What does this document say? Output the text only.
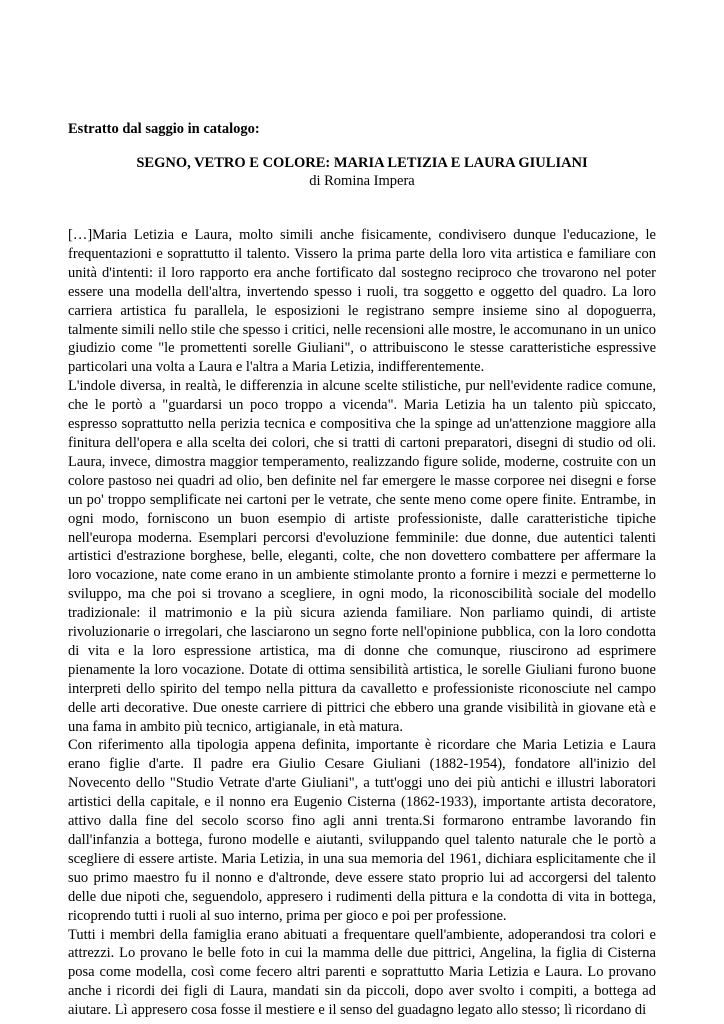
Estratto dal saggio in catalogo:

SEGNO, VETRO E COLORE: MARIA LETIZIA E LAURA GIULIANI

di Romina Impera

[…]Maria Letizia e Laura, molto simili anche fisicamente, condivisero dunque l'educazione, le frequentazioni e soprattutto il talento. Vissero la prima parte della loro vita artistica e familiare con unità d'intenti: il loro rapporto era anche fortificato dal sostegno reciproco che trovarono nel poter essere una modella dell'altra, invertendo spesso i ruoli, tra soggetto e oggetto del quadro. La loro carriera artistica fu parallela, le esposizioni le registrano sempre insieme sino al dopoguerra, talmente simili nello stile che spesso i critici, nelle recensioni alle mostre, le accomunano in un unico giudizio come "le promettenti sorelle Giuliani", o attribuiscono le stesse caratteristiche espressive particolari una volta a Laura e l'altra a Maria Letizia, indifferentemente.

L'indole diversa, in realtà, le differenzia in alcune scelte stilistiche, pur nell'evidente radice comune, che le portò a "guardarsi un poco troppo a vicenda". Maria Letizia ha un talento più spiccato, espresso soprattutto nella perizia tecnica e compositiva che la spinge ad un'attenzione maggiore alla finitura dell'opera e alla scelta dei colori, che si tratti di cartoni preparatori, disegni di studio od oli. Laura, invece, dimostra maggior temperamento, realizzando figure solide, moderne, costruite con un colore pastoso nei quadri ad olio, ben definite nel far emergere le masse corporee nei disegni e forse un po' troppo semplificate nei cartoni per le vetrate, che sente meno come opere finite. Entrambe, in ogni modo, forniscono un buon esempio di artiste professioniste, dalle caratteristiche tipiche nell'europa moderna. Esemplari percorsi d'evoluzione femminile: due donne, due autentici talenti artistici d'estrazione borghese, belle, eleganti, colte, che non dovettero combattere per affermare la loro vocazione, nate come erano in un ambiente stimolante pronto a fornire i mezzi e permetterne lo sviluppo, ma che poi si trovano a scegliere, in ogni modo, la riconoscibilità sociale del modello tradizionale: il matrimonio e la più sicura azienda familiare. Non parliamo quindi, di artiste rivoluzionarie o irregolari, che lasciarono un segno forte nell'opinione pubblica, con la loro condotta di vita e la loro espressione artistica, ma di donne che comunque, riuscirono ad esprimere pienamente la loro vocazione. Dotate di ottima sensibilità artistica, le sorelle Giuliani furono buone interpreti dello spirito del tempo nella pittura da cavalletto e professioniste riconosciute nel campo delle arti decorative. Due oneste carriere di pittrici che ebbero una grande visibilità in giovane età e una fama in ambito più tecnico, artigianale, in età matura.

Con riferimento alla tipologia appena definita, importante è ricordare che Maria Letizia e Laura erano figlie d'arte. Il padre era Giulio Cesare Giuliani (1882-1954), fondatore all'inizio del Novecento dello "Studio Vetrate d'arte Giuliani", a tutt'oggi uno dei più antichi e illustri laboratori artistici della capitale, e il nonno era Eugenio Cisterna (1862-1933), importante artista decoratore, attivo dalla fine del secolo scorso fino agli anni trenta.Si formarono entrambe lavorando fin dall'infanzia a bottega, furono modelle e aiutanti, sviluppando quel talento naturale che le portò a scegliere di essere artiste. Maria Letizia, in una sua memoria del 1961, dichiara esplicitamente che il suo primo maestro fu il nonno e d'altronde, deve essere stato proprio lui ad accorgersi del talento delle due nipoti che, seguendolo, appresero i rudimenti della pittura e la condotta di vita in bottega, ricoprendo tutti i ruoli al suo interno, prima per gioco e poi per professione.

Tutti i membri della famiglia erano abituati a frequentare quell'ambiente, adoperandosi tra colori e attrezzi. Lo provano le belle foto in cui la mamma delle due pittrici, Angelina, la figlia di Cisterna posa come modella, così come fecero altri parenti e soprattutto Maria Letizia e Laura. Lo provano anche i ricordi dei figli di Laura, mandati sin da piccoli, dopo aver svolto i compiti, a bottega ad aiutare. Lì appresero cosa fosse il mestiere e il senso del guadagno legato allo stesso; lì ricordano di
